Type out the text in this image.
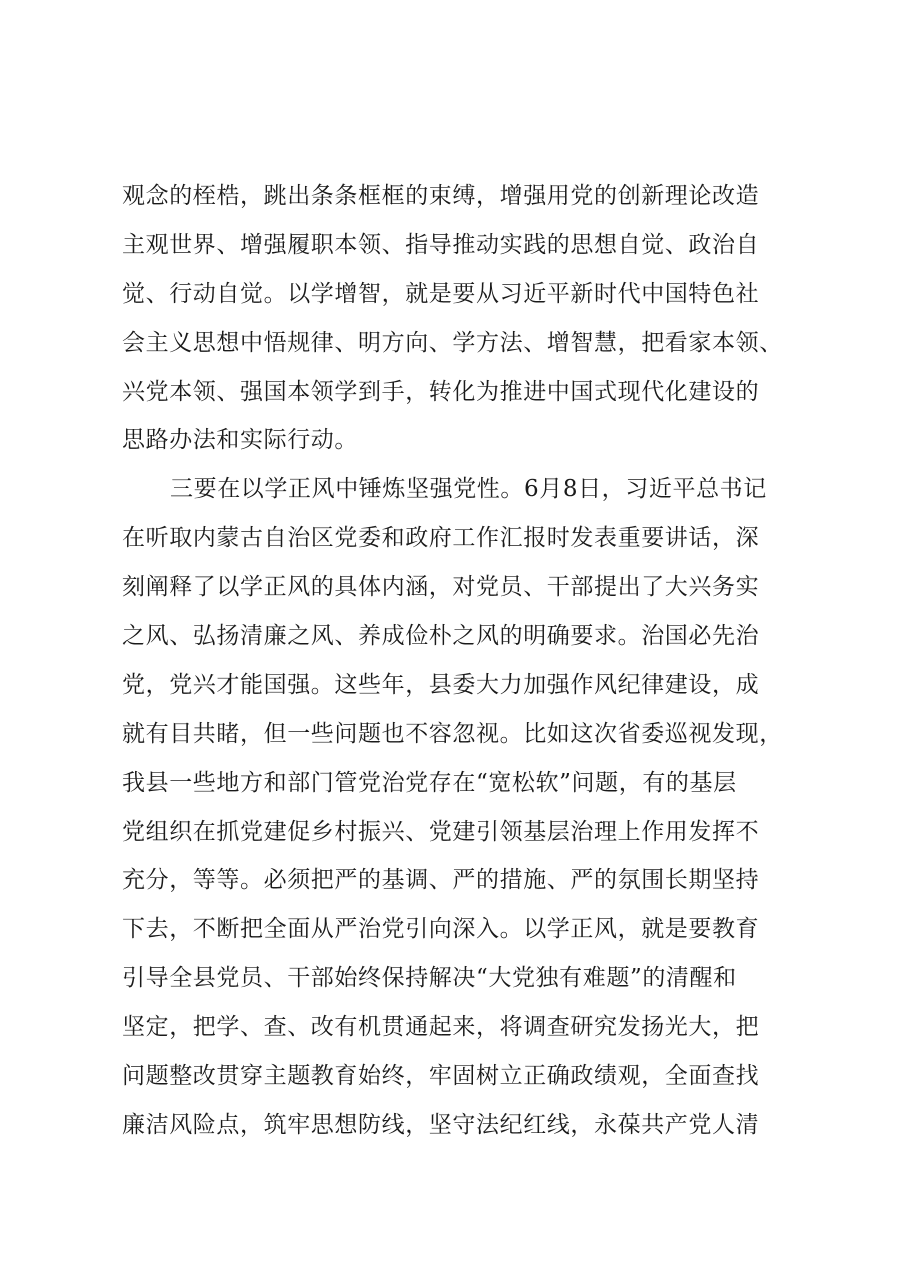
观念的桎梏，跳出条条框框的束缚，增强用党的创新理论改造
主观世界、增强履职本领、指导推动实践的思想自觉、政治自
觉、行动自觉。以学增智，就是要从习近平新时代中国特色社
会主义思想中悟规律、明方向、学方法、增智慧，把看家本领、
兴党本领、强国本领学到手，转化为推进中国式现代化建设的
思路办法和实际行动。
三要在以学正风中锤炼坚强党性。6月8日，习近平总书记
在听取内蒙古自治区党委和政府工作汇报时发表重要讲话，深
刻阐释了以学正风的具体内涵，对党员、干部提出了大兴务实
之风、弘扬清廉之风、养成俭朴之风的明确要求。治国必先治
党，党兴才能国强。这些年，县委大力加强作风纪律建设，成
就有目共睹，但一些问题也不容忽视。比如这次省委巡视发现，
我县一些地方和部门管党治党存在“宽松软”问题，有的基层
党组织在抓党建促乡村振兴、党建引领基层治理上作用发挥不
充分，等等。必须把严的基调、严的措施、严的氛围长期坚持
下去，不断把全面从严治党引向深入。以学正风，就是要教育
引导全县党员、干部始终保持解决“大党独有难题”的清醒和
坚定，把学、查、改有机贯通起来，将调查研究发扬光大，把
问题整改贯穿主题教育始终，牢固树立正确政绩观，全面查找
廉洁风险点，筑牢思想防线，坚守法纪红线，永葆共产党人清
